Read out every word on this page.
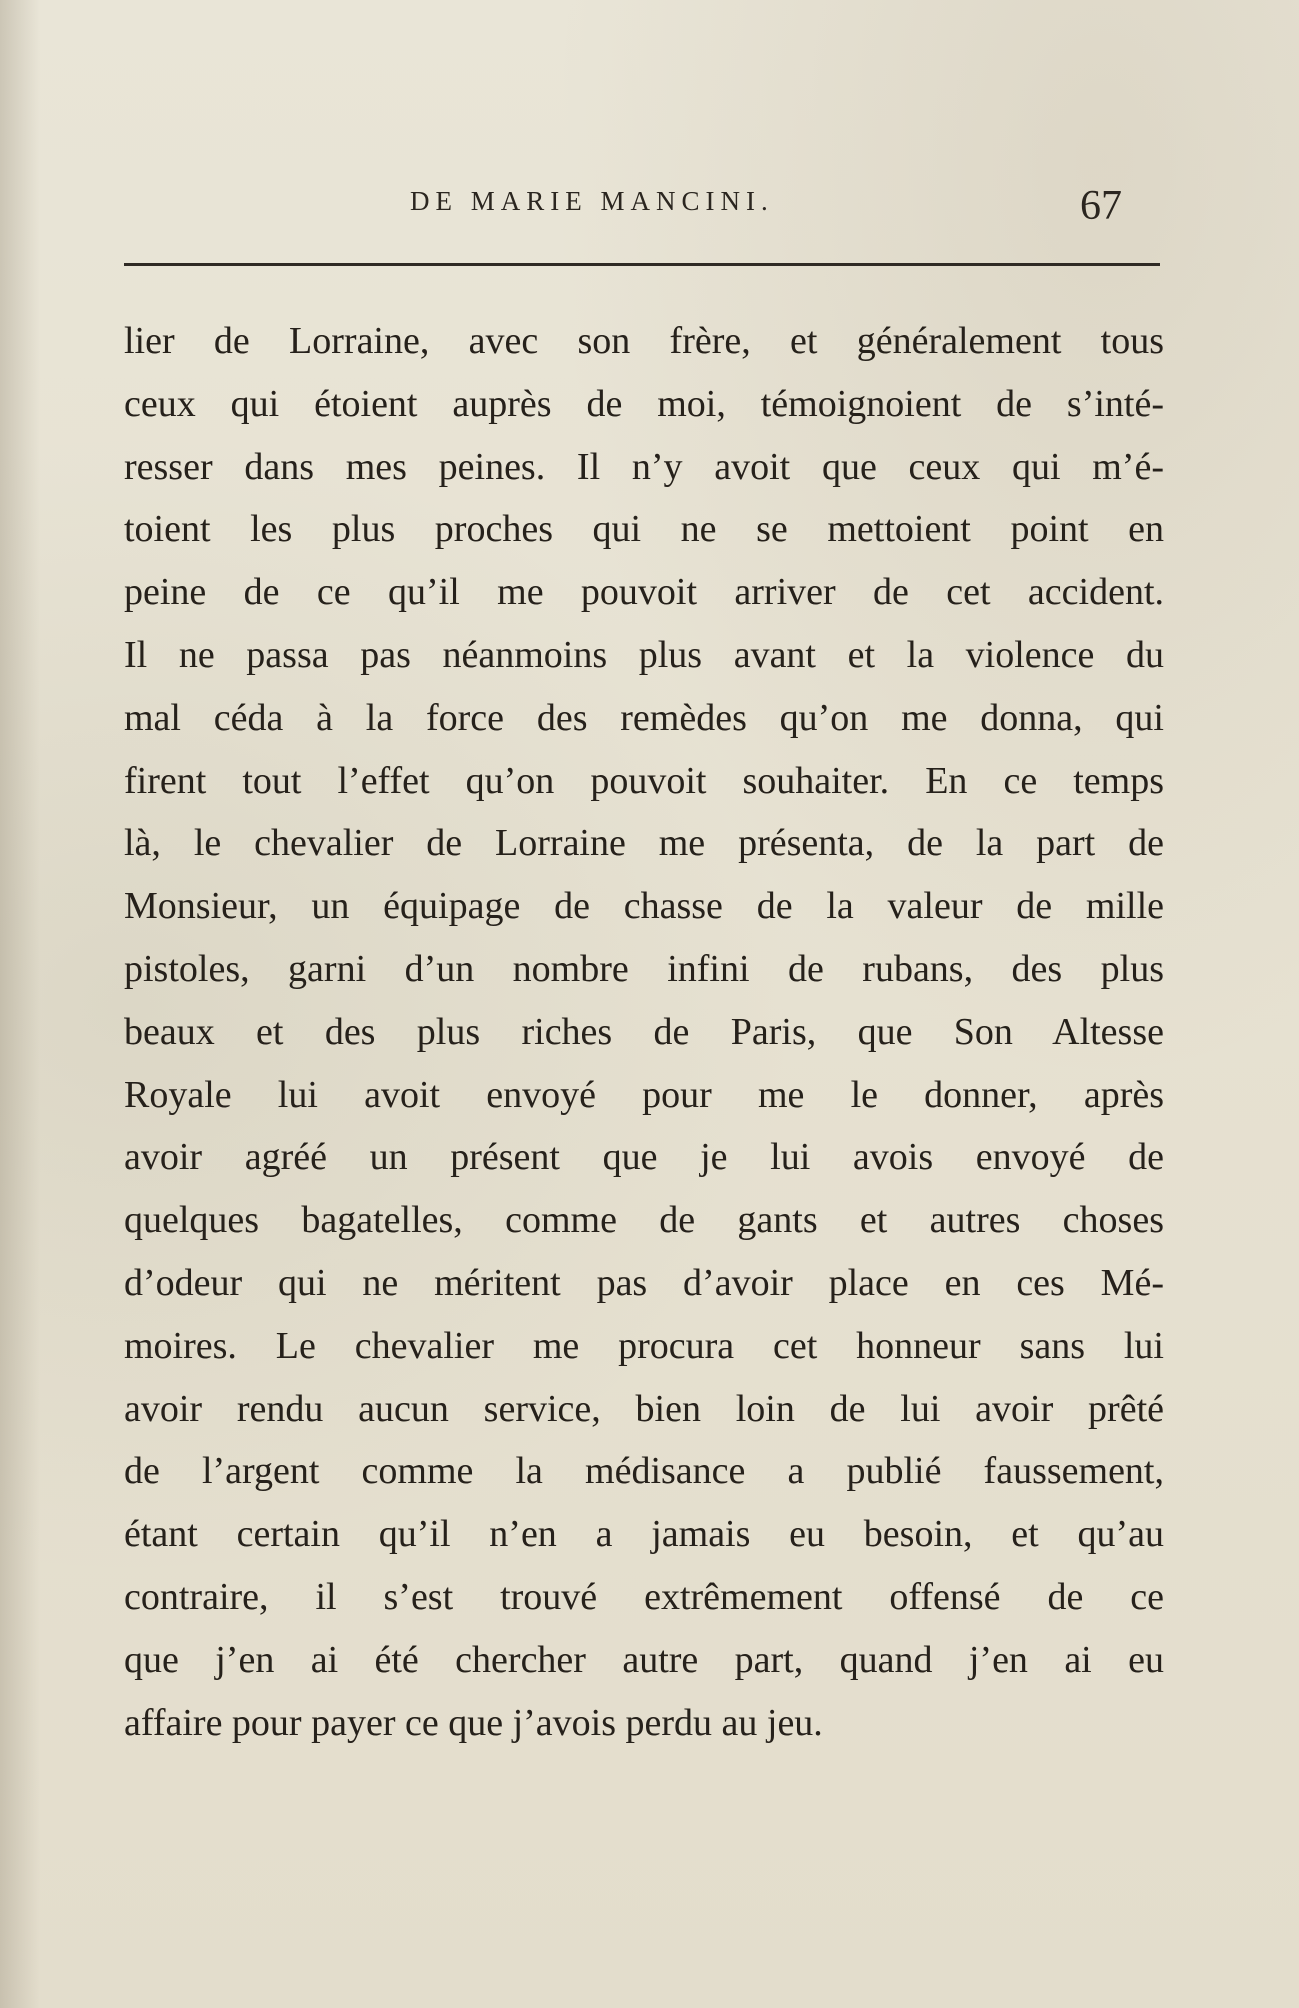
DE MARIE MANCINI.	67
lier de Lorraine, avec son frère, et généralement tous
ceux qui étoient auprès de moi, témoignoient de s’inté-
resser dans mes peines. Il n’y avoit que ceux qui m’é-
toient les plus proches qui ne se mettoient point en
peine de ce qu’il me pouvoit arriver de cet accident.
Il ne passa pas néanmoins plus avant et la violence du
mal céda à la force des remèdes qu’on me donna, qui
firent tout l’effet qu’on pouvoit souhaiter. En ce temps
là, le chevalier de Lorraine me présenta, de la part de
Monsieur, un équipage de chasse de la valeur de mille
pistoles, garni d’un nombre infini de rubans, des plus
beaux et des plus riches de Paris, que Son Altesse
Royale lui avoit envoyé pour me le donner, après
avoir agréé un présent que je lui avois envoyé de
quelques bagatelles, comme de gants et autres choses
d’odeur qui ne méritent pas d’avoir place en ces Mé-
moires. Le chevalier me procura cet honneur sans lui
avoir rendu aucun service, bien loin de lui avoir prêté
de l’argent comme la médisance a publié faussement,
étant certain qu’il n’en a jamais eu besoin, et qu’au
contraire, il s’est trouvé extrêmement offensé de ce
que j’en ai été chercher autre part, quand j’en ai eu
affaire pour payer ce que j’avois perdu au jeu.
